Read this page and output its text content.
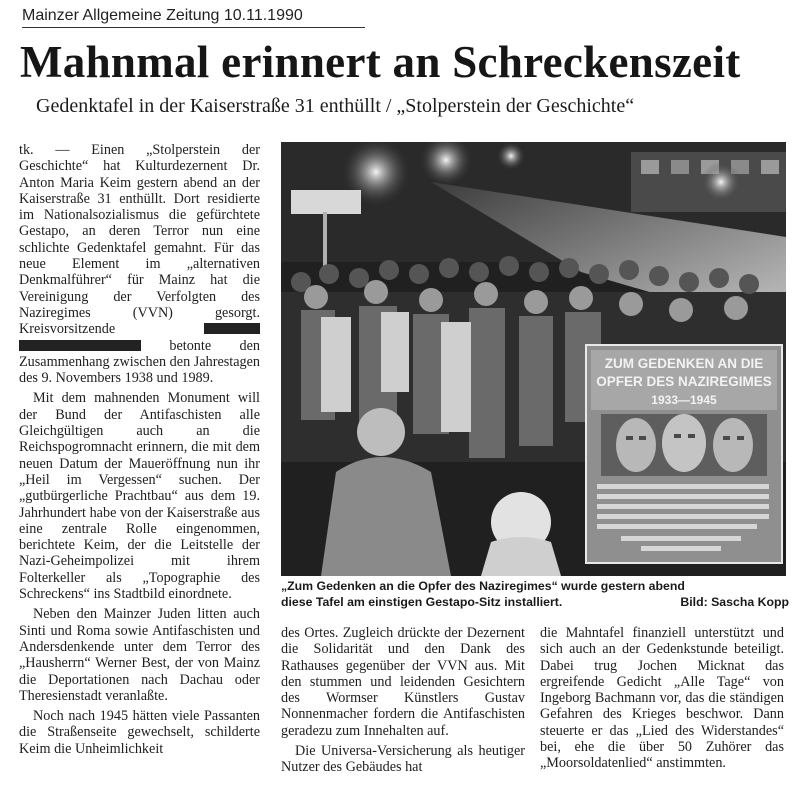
Mainzer Allgemeine Zeitung 10.11.1990
Mahnmal erinnert an Schreckenszeit
Gedenktafel in der Kaiserstraße 31 enthüllt / „Stolperstein der Geschichte“

tk. — Einen „Stolperstein der Geschichte“ hat Kulturdezernent Dr. Anton Maria Keim gestern abend an der Kaiserstraße 31 enthüllt. Dort residierte im Nationalsozialismus die gefürchtete Gestapo, an deren Terror nun eine schlichte Gedenktafel gemahnt. Für das neue Element im „alternativen Denkmalführer“ für Mainz hat die Vereinigung der Verfolgten des Naziregimes (VVN) gesorgt. Kreisvorsitzende   betonte den Zusammenhang zwischen den Jahrestagen des 9. Novembers 1938 und 1989.

Mit dem mahnenden Monument will der Bund der Antifaschisten alle Gleichgültigen auch an die Reichspogromnacht erinnern, die mit dem neuen Datum der Maueröffnung nun ihr „Heil im Vergessen“ suchen. Der „gutbürgerliche Prachtbau“ aus dem 19. Jahrhundert habe von der Kaiserstraße aus eine zentrale Rolle eingenommen, berichtete Keim, der die Leitstelle der Nazi-Geheimpolizei mit ihrem Folterkeller als „Topographie des Schreckens“ ins Stadtbild einordnete.

Neben den Mainzer Juden litten auch Sinti und Roma sowie Antifaschisten und Andersdenkende unter dem Terror des „Hausherrn“ Werner Best, der von Mainz die Deportationen nach Dachau oder Theresienstadt veranlaßte.

Noch nach 1945 hätten viele Passanten die Straßenseite gewechselt, schilderte Keim die Unheimlichkeit

ZUM GEDENKEN AN DIE
OPFER DES NAZIREGIMES
1933—1945
„Zum Gedenken an die Opfer des Naziregimes“ wurde gestern abend
diese Tafel am einstigen Gestapo-Sitz installiert.	Bild: Sascha Kopp

des Ortes. Zugleich drückte der Dezernent die Solidarität und den Dank des Rathauses gegenüber der VVN aus. Mit den stummen und leidenden Gesichtern des Wormser Künstlers Gustav Nonnenmacher fordern die Antifaschisten geradezu zum Innehalten auf.

Die Universa-Versicherung als heutiger Nutzer des Gebäudes hat

die Mahntafel finanziell unterstützt und sich auch an der Gedenkstunde beteiligt. Dabei trug Jochen Micknat das ergreifende Gedicht „Alle Tage“ von Ingeborg Bachmann vor, das die ständigen Gefahren des Krieges beschwor. Dann steuerte er das „Lied des Widerstandes“ bei, ehe die über 50 Zuhörer das „Moorsoldatenlied“ anstimmten.
